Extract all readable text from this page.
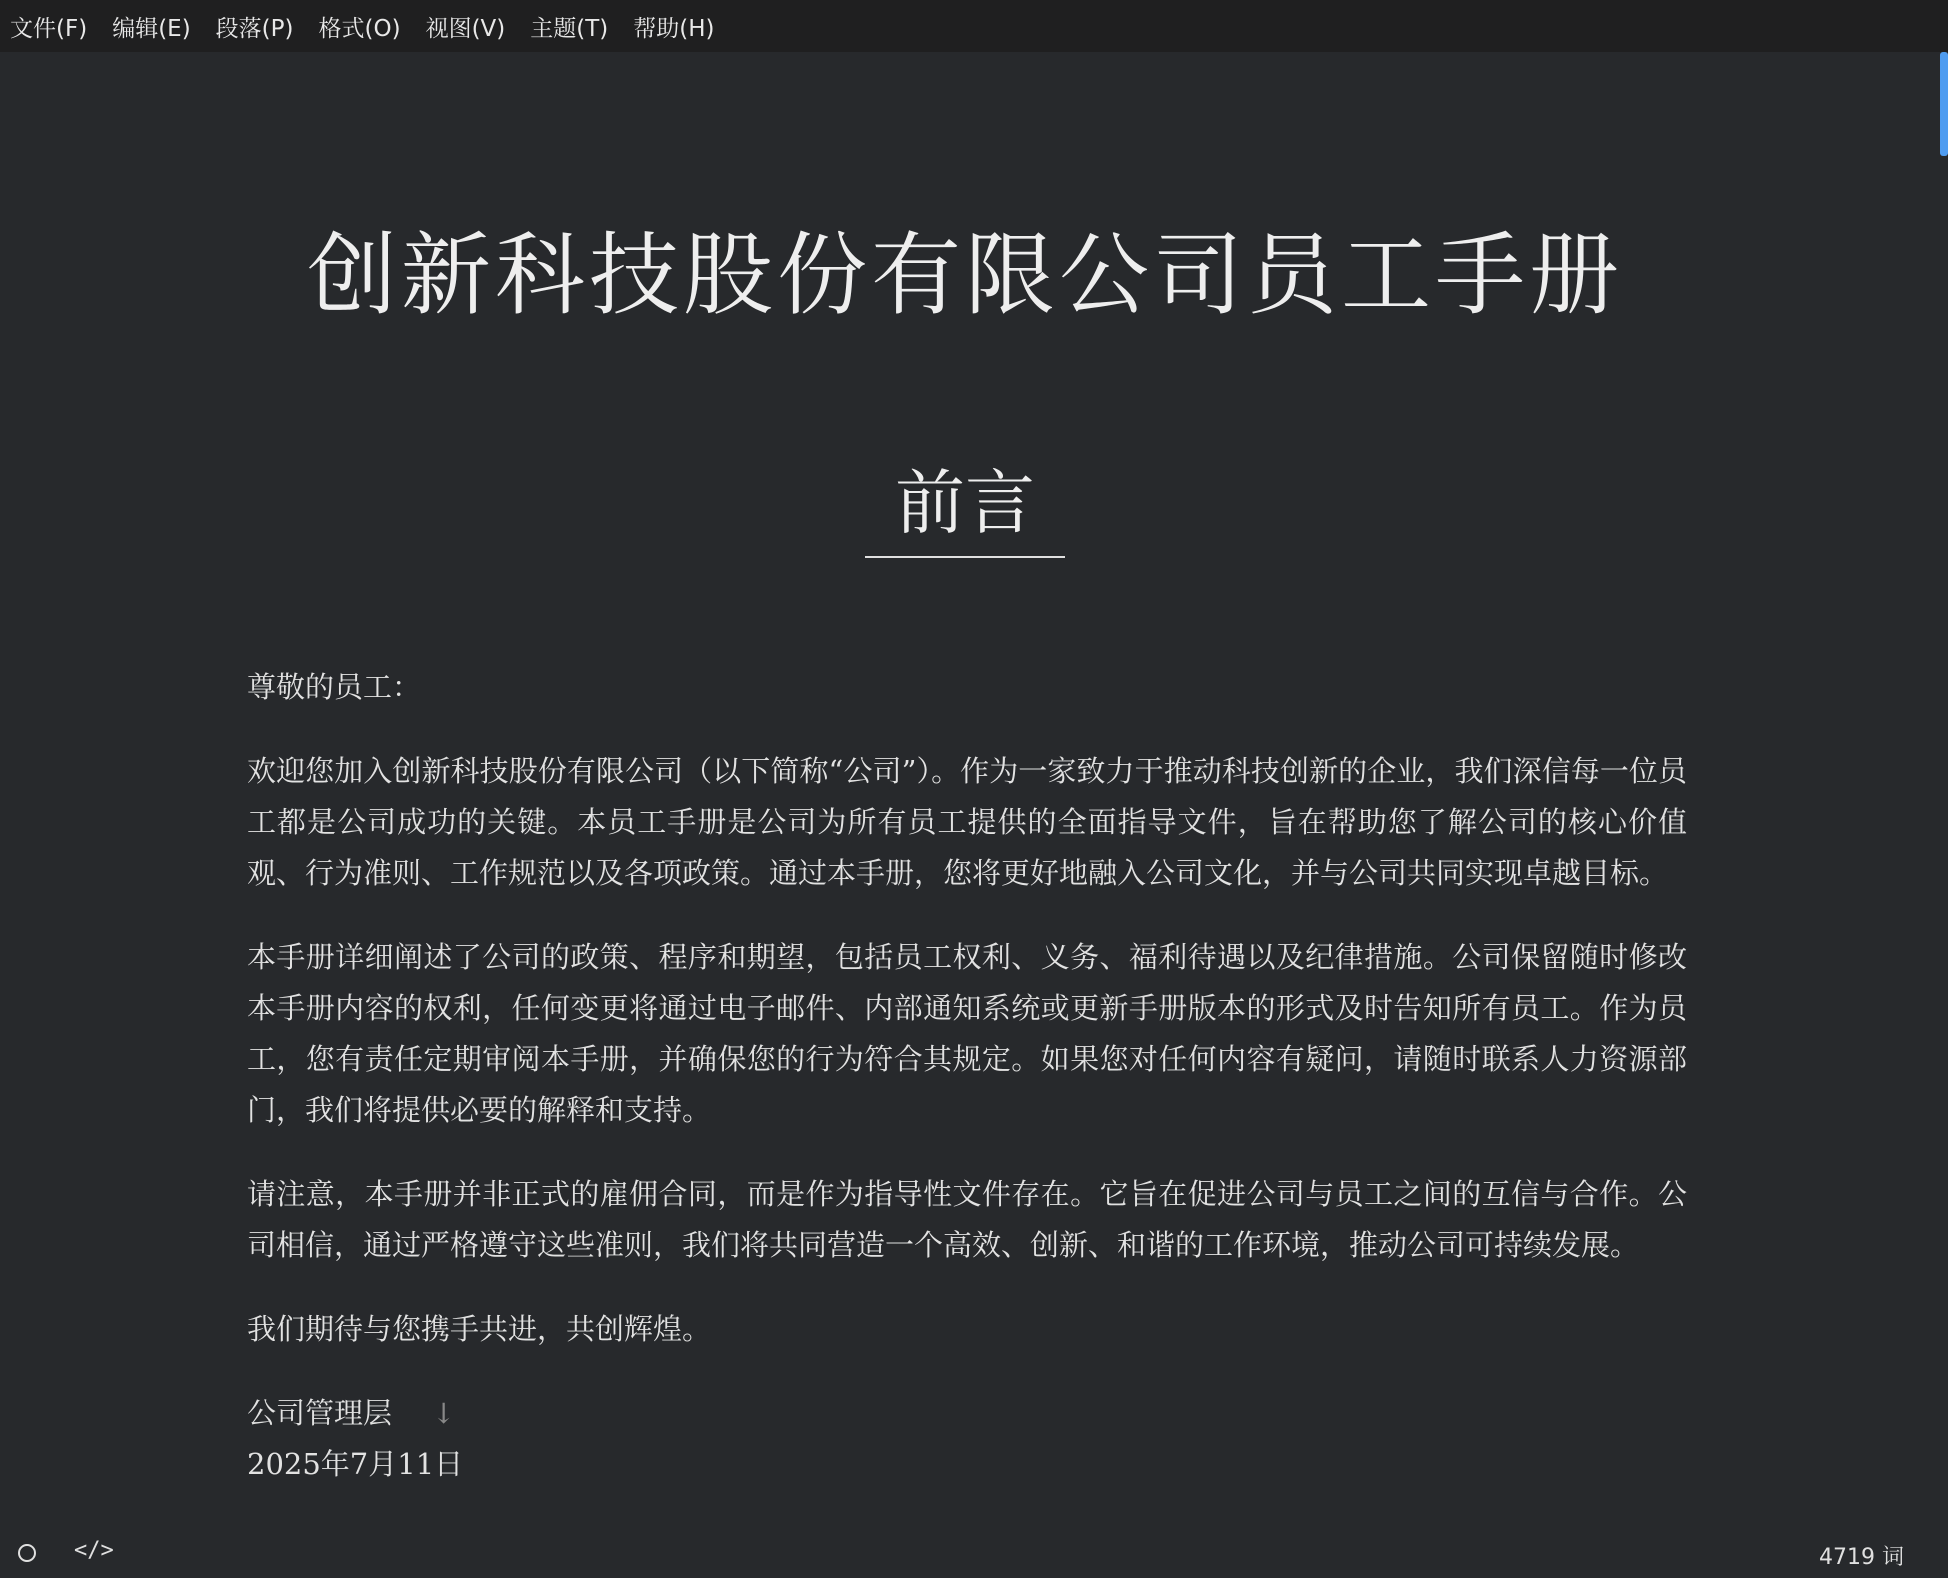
文件(F) 编辑(E) 段落(P) 格式(O) 视图(V) 主题(T) 帮助(H)
创新科技股份有限公司员工手册
前言

尊敬的员工：

欢迎您加入创新科技股份有限公司（以下简称“公司”）。作为一家致力于推动科技创新的企业，我们深信每一位员工都是公司成功的关键。本员工手册是公司为所有员工提供的全面指导文件，旨在帮助您了解公司的核心价值观、行为准则、工作规范以及各项政策。通过本手册，您将更好地融入公司文化，并与公司共同实现卓越目标。

本手册详细阐述了公司的政策、程序和期望，包括员工权利、义务、福利待遇以及纪律措施。公司保留随时修改本手册内容的权利，任何变更将通过电子邮件、内部通知系统或更新手册版本的形式及时告知所有员工。作为员工，您有责任定期审阅本手册，并确保您的行为符合其规定。如果您对任何内容有疑问，请随时联系人力资源部门，我们将提供必要的解释和支持。

请注意，本手册并非正式的雇佣合同，而是作为指导性文件存在。它旨在促进公司与员工之间的互信与合作。公司相信，通过严格遵守这些准则，我们将共同营造一个高效、创新、和谐的工作环境，推动公司可持续发展。

我们期待与您携手共进，共创辉煌。

公司管理层 ↓

2025年7月11日

</>	4719 词
